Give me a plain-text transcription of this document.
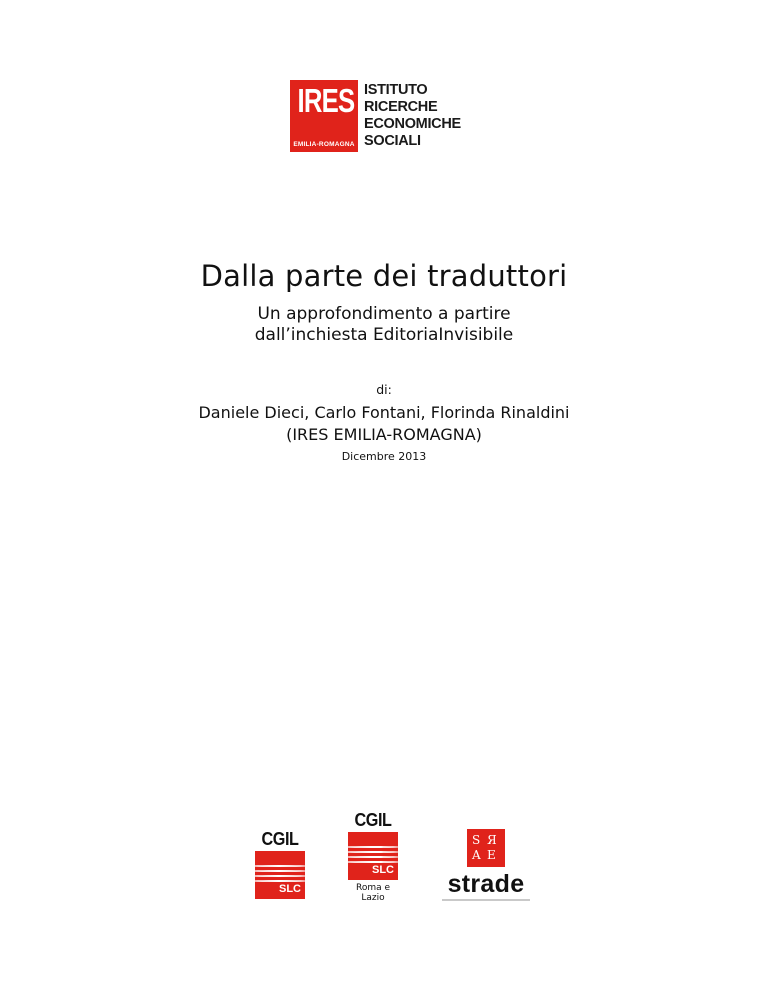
IRES
EMILIA-ROMAGNA
ISTITUTO
RICERCHE
ECONOMICHE
SOCIALI
Dalla parte dei traduttori
Un approfondimento a partire
dall’inchiesta EditoriaInvisibile
di:
Daniele Dieci, Carlo Fontani, Florinda Rinaldini
(IRES EMILIA-ROMAGNA)
Dicembre 2013
CGIL
SLC
CGIL
SLC
Roma e Lazio
S Я
A E
strade
